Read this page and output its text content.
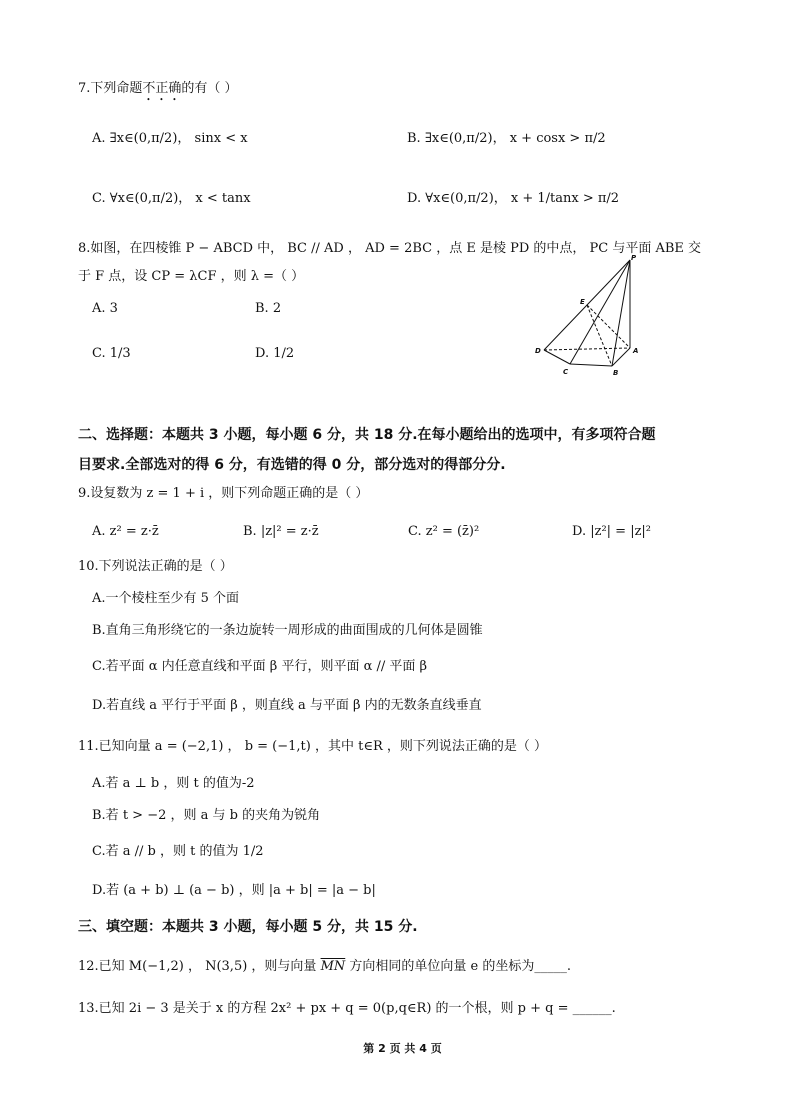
7.下列命题不正确的有（ ）
A. ∃x∈(0,π/2)， sinx < x	B. ∃x∈(0,π/2)， x + cosx > π/2
C. ∀x∈(0,π/2)， x < tanx	D. ∀x∈(0,π/2)， x + 1/tanx > π/2
8.如图，在四棱锥 P − ABCD 中， BC // AD ， AD = 2BC ，点 E 是棱 PD 的中点， PC 与平面 ABE 交
于 F 点，设 CP = λCF ，则 λ =（ ）
A. 3	B. 2
C. 1/3	D. 1/2
P
E
D	A
C	B
二、选择题：本题共 3 小题，每小题 6 分，共 18 分.在每小题给出的选项中，有多项符合题
目要求.全部选对的得 6 分，有选错的得 0 分，部分选对的得部分分.
9.设复数为 z = 1 + i ，则下列命题正确的是（ ）
A. z² = z·z̄	B. |z|² = z·z̄	C. z² = (z̄)²	D. |z²| = |z|²
10.下列说法正确的是（ ）
A.一个棱柱至少有 5 个面
B.直角三角形绕它的一条边旋转一周形成的曲面围成的几何体是圆锥
C.若平面 α 内任意直线和平面 β 平行，则平面 α // 平面 β
D.若直线 a 平行于平面 β ，则直线 a 与平面 β 内的无数条直线垂直
11.已知向量 a = (−2,1) ， b = (−1,t) ，其中 t∈R ，则下列说法正确的是（ ）
A.若 a ⊥ b ，则 t 的值为-2
B.若 t > −2 ，则 a 与 b 的夹角为锐角
C.若 a // b ，则 t 的值为 1/2
D.若 (a + b) ⊥ (a − b) ，则 |a + b| = |a − b|
三、填空题：本题共 3 小题，每小题 5 分，共 15 分.
12.已知 M(−1,2) ， N(3,5) ，则与向量 $\overline{MN}$ 方向相同的单位向量 e 的坐标为_____.
13.已知 2i − 3 是关于 x 的方程 2x² + px + q = 0(p,q∈R) 的一个根，则 p + q = ______.
第 2 页 共 4 页
